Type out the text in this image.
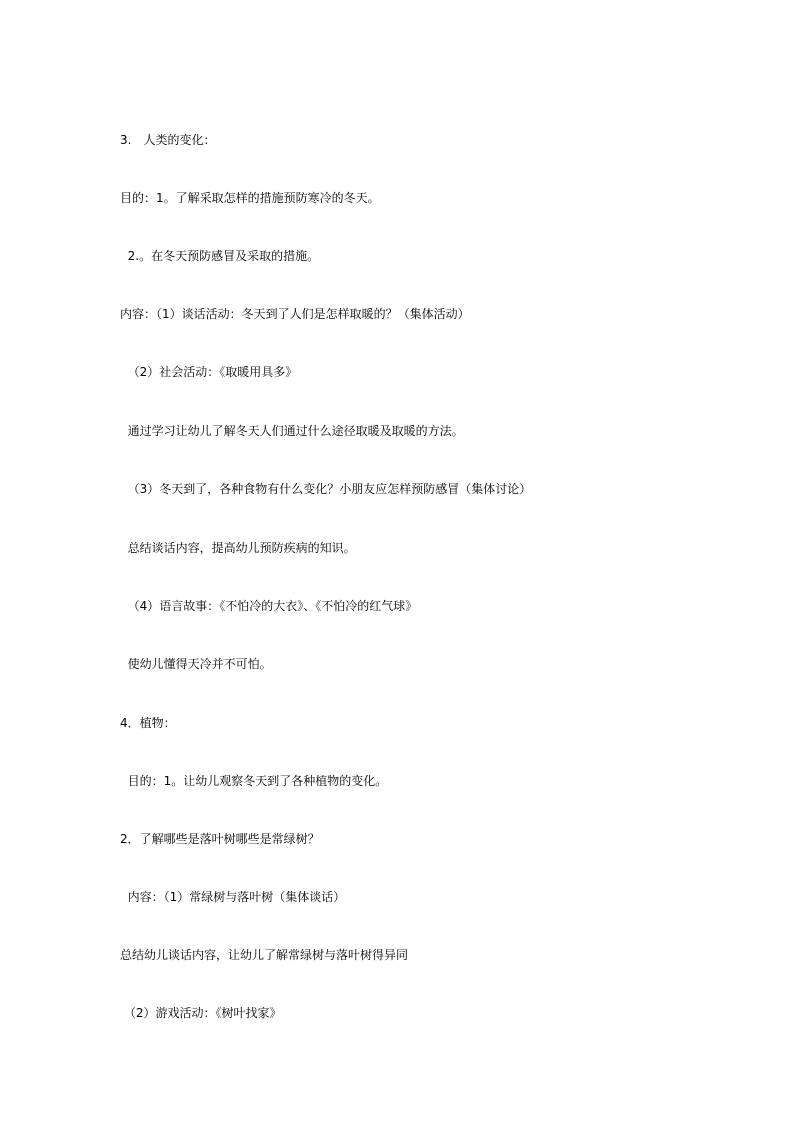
3.　人类的变化：
目的：1。了解采取怎样的措施预防寒冷的冬天。
2.。在冬天预防感冒及采取的措施。
内容：（1）谈话活动：冬天到了人们是怎样取暖的？（集体活动）
（2）社会活动：《取暖用具多》
通过学习让幼儿了解冬天人们通过什么途径取暖及取暖的方法。
（3）冬天到了，各种食物有什么变化？小朋友应怎样预防感冒（集体讨论）
总结谈话内容，提高幼儿预防疾病的知识。
（4）语言故事：《不怕冷的大衣》、《不怕冷的红气球》
使幼儿懂得天冷并不可怕。
4．植物：
目的：1。让幼儿观察冬天到了各种植物的变化。
2．了解哪些是落叶树哪些是常绿树？
内容：（1）常绿树与落叶树（集体谈话）
总结幼儿谈话内容，让幼儿了解常绿树与落叶树得异同
（2）游戏活动：《树叶找家》
